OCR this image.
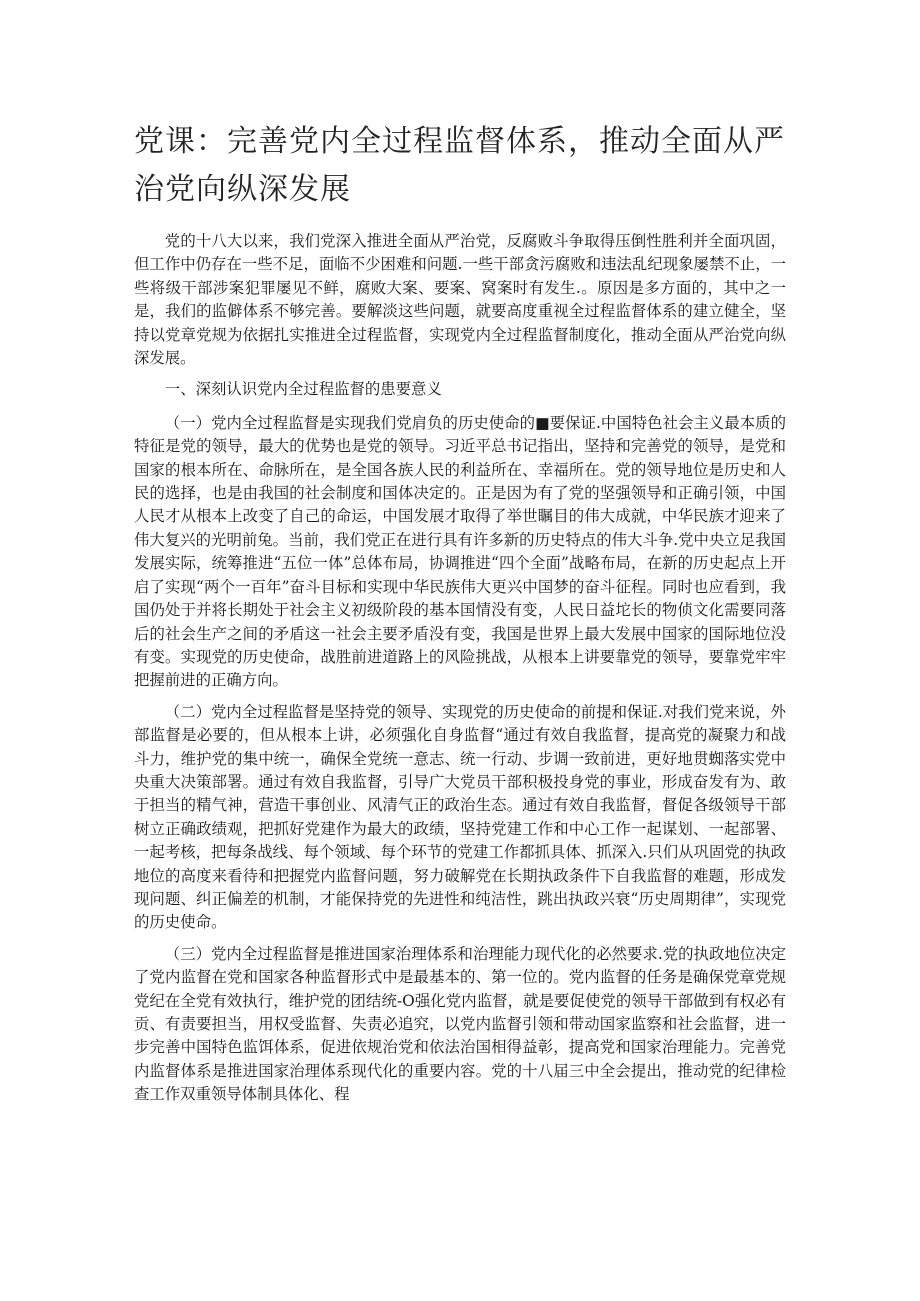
党课：完善党内全过程监督体系，推动全面从严治党向纵深发展

党的十八大以来，我们党深入推进全面从严治党，反腐败斗争取得压倒性胜利并全面巩固，但工作中仍存在一些不足，面临不少困难和问题.一些干部贪污腐败和违法乱纪现象屡禁不止，一些将级干部涉案犯罪屡见不鲜，腐败大案、要案、窝案时有发生.。原因是多方面的，其中之一是，我们的监僻体系不够完善。要解淡这些问题，就要高度重视全过程监督体系的建立健全，坚持以党章党规为依据扎实推进全过程监督，实现党内全过程监督制度化，推动全面从严治党向纵深发展。

一、深刻认识党内全过程监督的患要意义

（一）党内全过程监督是实现我们党肩负的历史使命的■要保证.中国特色社会主义最本质的特征是党的领导，最大的优势也是党的领导。习近平总书记指出，坚持和完善党的领导，是党和国家的根本所在、命脉所在，是全国各族人民的利益所在、幸福所在。党的领导地位是历史和人民的选择，也是由我国的社会制度和国体决定的。正是因为有了党的坚强领导和正确引领，中国人民才从根本上改变了自己的命运，中国发展才取得了举世瞩目的伟大成就，中华民族才迎来了伟大复兴的光明前兔。当前，我们党正在进行具有许多新的历史特点的伟大斗争.党中央立足我国发展实际，统筹推进“五位一体”总体布局，协调推进“四个全面”战略布局，在新的历史起点上开启了实现“两个一百年”奋斗目标和实现中华民族伟大更兴中国梦的奋斗征程。同时也应看到，我国仍处于并将长期处于社会主义初级阶段的基本国情没有变，人民日益坨长的物侦文化需要同落后的社会生产之间的矛盾这一社会主要矛盾没有变，我国是世界上最大发展中国家的国际地位没有变。实现党的历史使命，战胜前进道路上的风险挑战，从根本上讲要靠党的领导，要靠党牢牢把握前进的正确方向。

（二）党内全过程监督是坚持党的领导、实现党的历史使命的前提和保证.对我们党来说，外部监督是必要的，但从根本上讲，必须强化自身监督“通过有效自我监督，提高党的凝聚力和战斗力，维护党的集中统一，确保全党统一意志、统一行动、步调一致前进，更好地贯蜘落实党中央重大决策部署。通过有效自我监督，引导广大党员干部积极投身党的事业，形成奋发有为、敢于担当的精气神，营造干事创业、风清气正的政治生态。通过有效自我监督，督促各级领导干部树立正确政绩观，把抓好党建作为最大的政绩，坚持党建工作和中心工作一起谋划、一起部署、一起考核，把每条战线、每个领域、每个环节的党建工作都抓具体、抓深入.只们从巩固党的执政地位的高度来看待和把握党内监督问题，努力破解党在长期执政条件下自我监督的难题，形成发现问题、纠正偏差的机制，才能保持党的先进性和纯洁性，跳出执政兴衰“历史周期律”，实现党的历史使命。

（三）党内全过程监督是推进国家治理体系和治理能力现代化的必然要求.党的执政地位决定了党内监督在党和国家各种监督形式中是最基本的、第一位的。党内监督的任务是确保党章党规党纪在全党有效执行，维护党的团结统-O强化党内监督，就是要促使党的领导干部做到有权必有贡、有责要担当，用权受监督、失责必追究，以党内监督引领和带动国家监察和社会监督，进一步完善中国特色监饵体系，促进依规治党和依法治国相得益彰，提高党和国家治理能力。完善党内监督体系是推进国家治理体系现代化的重要内容。党的十八届三中全会提出，推动党的纪律检查工作双重领导体制具体化、程
